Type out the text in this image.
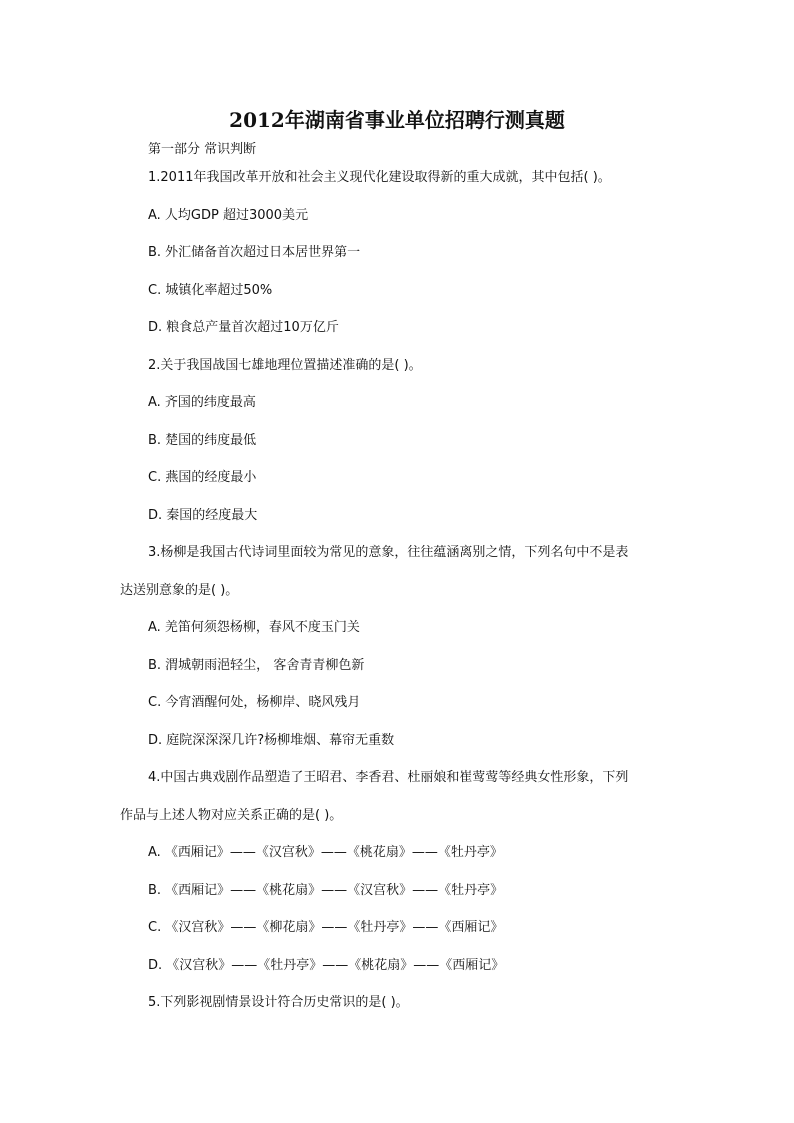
2012年湖南省事业单位招聘行测真题
第一部分 常识判断
1.2011年我国改革开放和社会主义现代化建设取得新的重大成就，其中包括( )。
A. 人均GDP 超过3000美元
B. 外汇储备首次超过日本居世界第一
C. 城镇化率超过50%
D. 粮食总产量首次超过10万亿斤
2.关于我国战国七雄地理位置描述准确的是( )。
A. 齐国的纬度最高
B. 楚国的纬度最低
C. 燕国的经度最小
D. 秦国的经度最大
3.杨柳是我国古代诗词里面较为常见的意象，往往蕴涵离别之情，下列名句中不是表
达送别意象的是( )。
A. 羌笛何须怨杨柳，春风不度玉门关
B. 渭城朝雨浥轻尘， 客舍青青柳色新
C. 今宵酒醒何处，杨柳岸、晓风残月
D. 庭院深深深几许?杨柳堆烟、幕帘无重数
4.中国古典戏剧作品塑造了王昭君、李香君、杜丽娘和崔莺莺等经典女性形象，下列
作品与上述人物对应关系正确的是( )。
A. 《西厢记》——《汉宫秋》——《桃花扇》——《牡丹亭》
B. 《西厢记》——《桃花扇》——《汉宫秋》——《牡丹亭》
C. 《汉宫秋》——《柳花扇》——《牡丹亭》——《西厢记》
D. 《汉宫秋》——《牡丹亭》——《桃花扇》——《西厢记》
5.下列影视剧情景设计符合历史常识的是( )。
